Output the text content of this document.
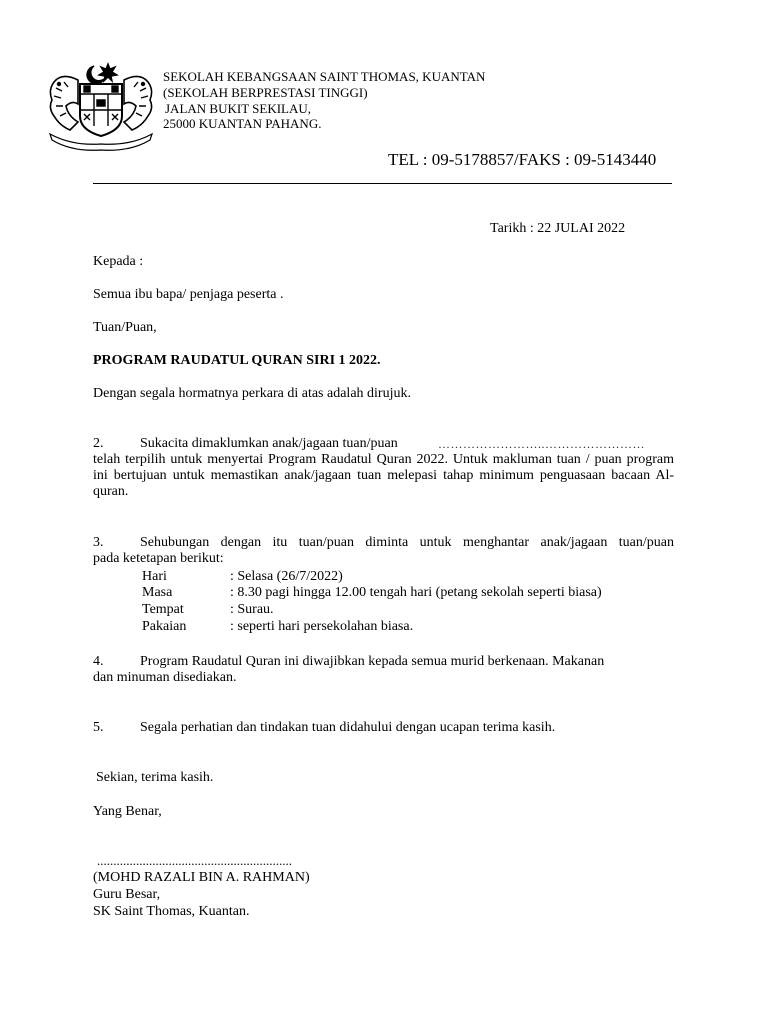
SEKOLAH KEBANGSAAN SAINT THOMAS, KUANTAN
(SEKOLAH BERPRESTASI TINGGI)
JALAN BUKIT SEKILAU,
25000 KUANTAN PAHANG.
TEL : 09-5178857/FAKS : 09-5143440
Tarikh : 22 JULAI 2022
Kepada :
Semua ibu bapa/ penjaga peserta .
Tuan/Puan,
PROGRAM RAUDATUL QURAN SIRI 1 2022.
Dengan segala hormatnya perkara di atas adalah dirujuk.
2.	Sukacita dimaklumkan anak/jagaan tuan/puan	……………………..……………………
telah terpilih untuk menyertai Program Raudatul Quran 2022. Untuk makluman tuan / puan program ini bertujuan untuk memastikan anak/jagaan tuan melepasi tahap minimum penguasaan bacaan Al-quran.
3.	Sehubungan dengan itu tuan/puan diminta untuk menghantar anak/jagaan tuan/puan
pada ketetapan berikut:
Hari	: Selasa (26/7/2022)
Masa	: 8.30 pagi hingga 12.00 tengah hari (petang sekolah seperti biasa)
Tempat	: Surau.
Pakaian	: seperti hari persekolahan biasa.
4.	Program Raudatul Quran ini diwajibkan kepada semua murid berkenaan. Makanan
dan minuman disediakan.
5.	Segala perhatian dan tindakan tuan didahului dengan ucapan terima kasih.
Sekian, terima kasih.
Yang Benar,
............................................................
(MOHD RAZALI BIN A. RAHMAN)
Guru Besar,
SK Saint Thomas, Kuantan.
